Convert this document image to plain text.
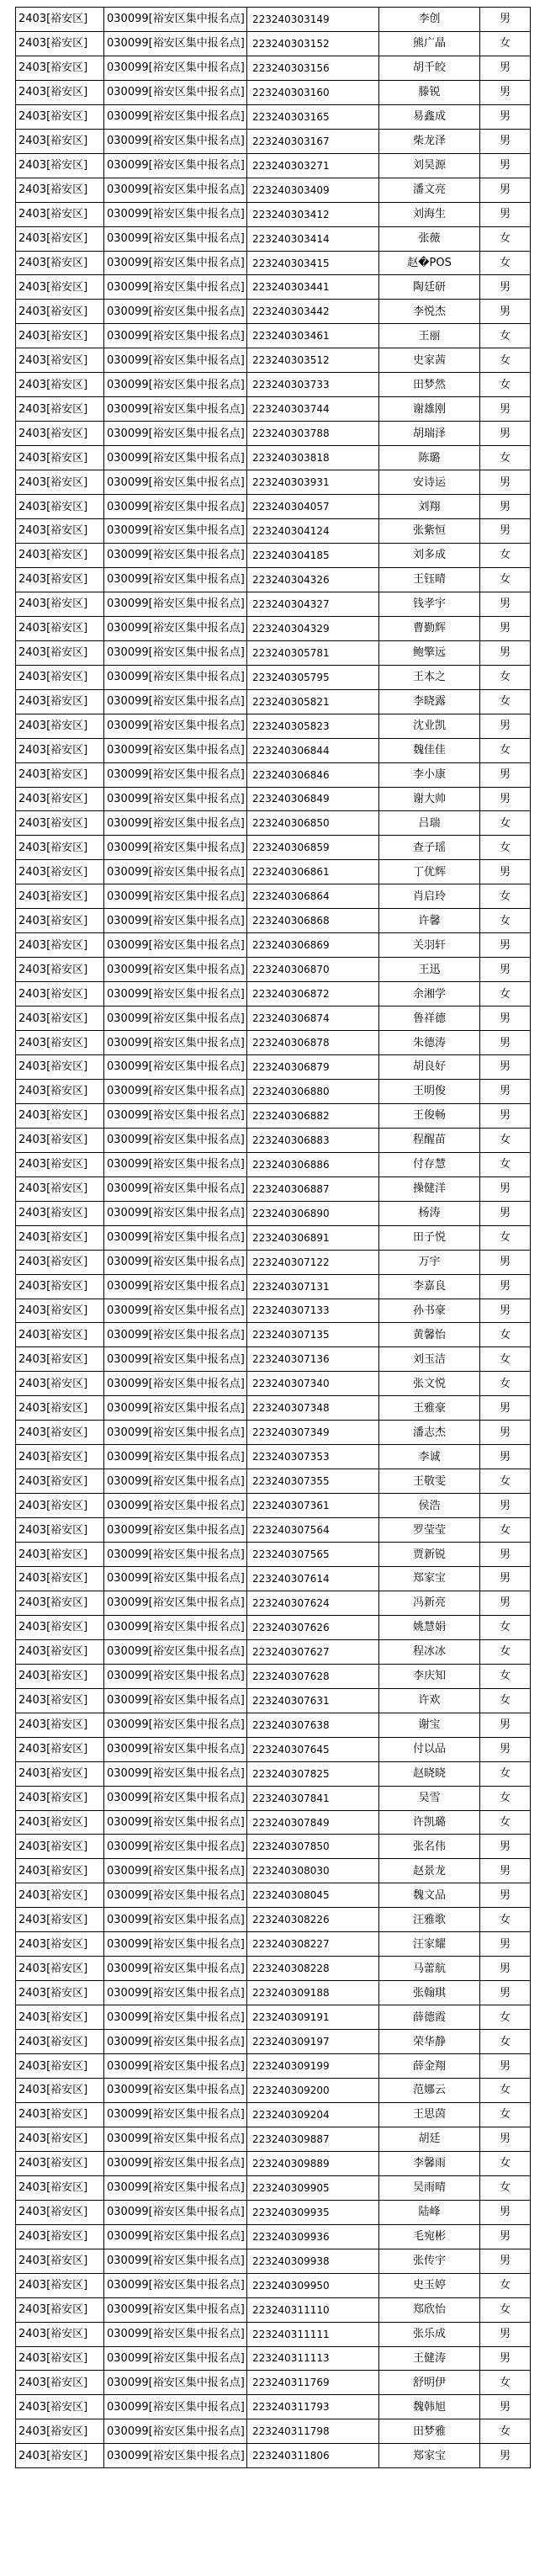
2403[裕安区]	030099[裕安区集中报名点]	223240303149	李创	男
2403[裕安区]	030099[裕安区集中报名点]	223240303152	熊广晶	女
2403[裕安区]	030099[裕安区集中报名点]	223240303156	胡千皎	男
2403[裕安区]	030099[裕安区集中报名点]	223240303160	滕锐	男
2403[裕安区]	030099[裕安区集中报名点]	223240303165	易鑫成	男
2403[裕安区]	030099[裕安区集中报名点]	223240303167	柴龙泽	男
2403[裕安区]	030099[裕安区集中报名点]	223240303271	刘昊源	男
2403[裕安区]	030099[裕安区集中报名点]	223240303409	潘文亮	男
2403[裕安区]	030099[裕安区集中报名点]	223240303412	刘海生	男
2403[裕安区]	030099[裕安区集中报名点]	223240303414	张薇	女
2403[裕安区]	030099[裕安区集中报名点]	223240303415	赵�POS	女
2403[裕安区]	030099[裕安区集中报名点]	223240303441	陶廷研	男
2403[裕安区]	030099[裕安区集中报名点]	223240303442	李悦杰	男
2403[裕安区]	030099[裕安区集中报名点]	223240303461	王丽	女
2403[裕安区]	030099[裕安区集中报名点]	223240303512	史家茜	女
2403[裕安区]	030099[裕安区集中报名点]	223240303733	田梦然	女
2403[裕安区]	030099[裕安区集中报名点]	223240303744	谢雄刚	男
2403[裕安区]	030099[裕安区集中报名点]	223240303788	胡瑞泽	男
2403[裕安区]	030099[裕安区集中报名点]	223240303818	陈璐	女
2403[裕安区]	030099[裕安区集中报名点]	223240303931	安诗运	男
2403[裕安区]	030099[裕安区集中报名点]	223240304057	刘翔	男
2403[裕安区]	030099[裕安区集中报名点]	223240304124	张紫恒	男
2403[裕安区]	030099[裕安区集中报名点]	223240304185	刘多成	女
2403[裕安区]	030099[裕安区集中报名点]	223240304326	王钰晴	女
2403[裕安区]	030099[裕安区集中报名点]	223240304327	钱孝宇	男
2403[裕安区]	030099[裕安区集中报名点]	223240304329	曹勤辉	男
2403[裕安区]	030099[裕安区集中报名点]	223240305781	鲍擎远	男
2403[裕安区]	030099[裕安区集中报名点]	223240305795	王本之	女
2403[裕安区]	030099[裕安区集中报名点]	223240305821	李晓露	女
2403[裕安区]	030099[裕安区集中报名点]	223240305823	沈业凯	男
2403[裕安区]	030099[裕安区集中报名点]	223240306844	魏佳佳	女
2403[裕安区]	030099[裕安区集中报名点]	223240306846	李小康	男
2403[裕安区]	030099[裕安区集中报名点]	223240306849	谢大帅	男
2403[裕安区]	030099[裕安区集中报名点]	223240306850	吕瑞	女
2403[裕安区]	030099[裕安区集中报名点]	223240306859	查子瑶	女
2403[裕安区]	030099[裕安区集中报名点]	223240306861	丁优辉	男
2403[裕安区]	030099[裕安区集中报名点]	223240306864	肖启玲	女
2403[裕安区]	030099[裕安区集中报名点]	223240306868	许馨	女
2403[裕安区]	030099[裕安区集中报名点]	223240306869	关羽轩	男
2403[裕安区]	030099[裕安区集中报名点]	223240306870	王迅	男
2403[裕安区]	030099[裕安区集中报名点]	223240306872	余湘学	女
2403[裕安区]	030099[裕安区集中报名点]	223240306874	鲁祥德	男
2403[裕安区]	030099[裕安区集中报名点]	223240306878	朱德涛	男
2403[裕安区]	030099[裕安区集中报名点]	223240306879	胡良好	男
2403[裕安区]	030099[裕安区集中报名点]	223240306880	王明俊	男
2403[裕安区]	030099[裕安区集中报名点]	223240306882	王俊畅	男
2403[裕安区]	030099[裕安区集中报名点]	223240306883	程醒苗	女
2403[裕安区]	030099[裕安区集中报名点]	223240306886	付存慧	女
2403[裕安区]	030099[裕安区集中报名点]	223240306887	操健洋	男
2403[裕安区]	030099[裕安区集中报名点]	223240306890	杨涛	男
2403[裕安区]	030099[裕安区集中报名点]	223240306891	田子悦	女
2403[裕安区]	030099[裕安区集中报名点]	223240307122	万宇	男
2403[裕安区]	030099[裕安区集中报名点]	223240307131	李嘉良	男
2403[裕安区]	030099[裕安区集中报名点]	223240307133	孙书豪	男
2403[裕安区]	030099[裕安区集中报名点]	223240307135	黄馨怡	女
2403[裕安区]	030099[裕安区集中报名点]	223240307136	刘玉洁	女
2403[裕安区]	030099[裕安区集中报名点]	223240307340	张文悦	女
2403[裕安区]	030099[裕安区集中报名点]	223240307348	王雅豪	男
2403[裕安区]	030099[裕安区集中报名点]	223240307349	潘志杰	男
2403[裕安区]	030099[裕安区集中报名点]	223240307353	李诚	男
2403[裕安区]	030099[裕安区集中报名点]	223240307355	王敬雯	女
2403[裕安区]	030099[裕安区集中报名点]	223240307361	侯浩	男
2403[裕安区]	030099[裕安区集中报名点]	223240307564	罗莹莹	女
2403[裕安区]	030099[裕安区集中报名点]	223240307565	贾新锐	男
2403[裕安区]	030099[裕安区集中报名点]	223240307614	郑家宝	男
2403[裕安区]	030099[裕安区集中报名点]	223240307624	冯新亮	男
2403[裕安区]	030099[裕安区集中报名点]	223240307626	姚慧娟	女
2403[裕安区]	030099[裕安区集中报名点]	223240307627	程冰冰	女
2403[裕安区]	030099[裕安区集中报名点]	223240307628	李庆知	女
2403[裕安区]	030099[裕安区集中报名点]	223240307631	许欢	女
2403[裕安区]	030099[裕安区集中报名点]	223240307638	谢宝	男
2403[裕安区]	030099[裕安区集中报名点]	223240307645	付以品	男
2403[裕安区]	030099[裕安区集中报名点]	223240307825	赵晓晓	女
2403[裕安区]	030099[裕安区集中报名点]	223240307841	吴雪	女
2403[裕安区]	030099[裕安区集中报名点]	223240307849	许凯璐	女
2403[裕安区]	030099[裕安区集中报名点]	223240307850	张名伟	男
2403[裕安区]	030099[裕安区集中报名点]	223240308030	赵景龙	男
2403[裕安区]	030099[裕安区集中报名点]	223240308045	魏文品	男
2403[裕安区]	030099[裕安区集中报名点]	223240308226	汪雅歌	女
2403[裕安区]	030099[裕安区集中报名点]	223240308227	汪家耀	男
2403[裕安区]	030099[裕安区集中报名点]	223240308228	马蕾航	男
2403[裕安区]	030099[裕安区集中报名点]	223240309188	张翰琪	男
2403[裕安区]	030099[裕安区集中报名点]	223240309191	薛德霞	女
2403[裕安区]	030099[裕安区集中报名点]	223240309197	荣华静	女
2403[裕安区]	030099[裕安区集中报名点]	223240309199	薛金翔	男
2403[裕安区]	030099[裕安区集中报名点]	223240309200	范娜云	女
2403[裕安区]	030099[裕安区集中报名点]	223240309204	王思茵	女
2403[裕安区]	030099[裕安区集中报名点]	223240309887	胡廷	男
2403[裕安区]	030099[裕安区集中报名点]	223240309889	李馨雨	女
2403[裕安区]	030099[裕安区集中报名点]	223240309905	吴雨晴	女
2403[裕安区]	030099[裕安区集中报名点]	223240309935	陆峰	男
2403[裕安区]	030099[裕安区集中报名点]	223240309936	毛宛彬	男
2403[裕安区]	030099[裕安区集中报名点]	223240309938	张传宇	男
2403[裕安区]	030099[裕安区集中报名点]	223240309950	史玉婷	女
2403[裕安区]	030099[裕安区集中报名点]	223240311110	郑欣怡	女
2403[裕安区]	030099[裕安区集中报名点]	223240311111	张乐成	男
2403[裕安区]	030099[裕安区集中报名点]	223240311113	王健涛	男
2403[裕安区]	030099[裕安区集中报名点]	223240311769	舒明伊	女
2403[裕安区]	030099[裕安区集中报名点]	223240311793	魏韩旭	男
2403[裕安区]	030099[裕安区集中报名点]	223240311798	田梦雅	女
2403[裕安区]	030099[裕安区集中报名点]	223240311806	郑家宝	男
